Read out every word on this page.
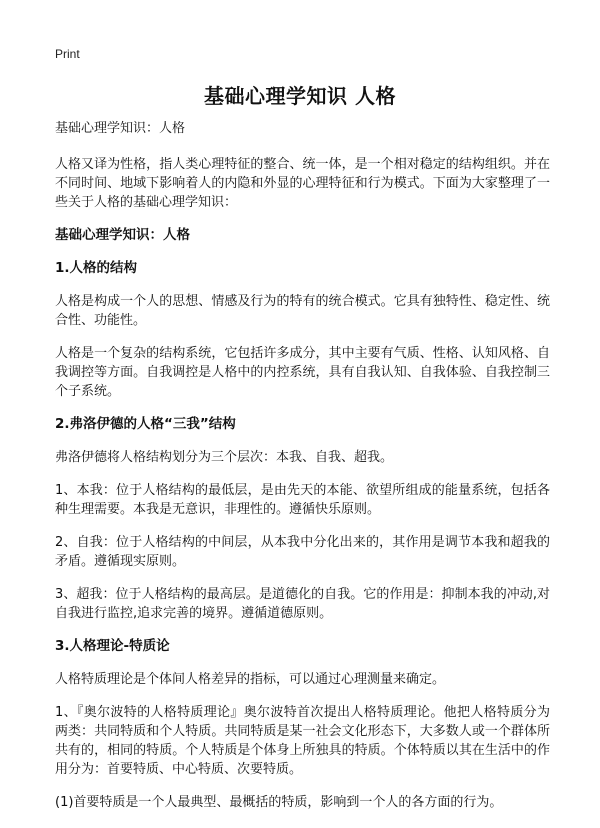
Print
基础心理学知识 人格

基础心理学知识：人格

人格又译为性格，指人类心理特征的整合、统一体，是一个相对稳定的结构组织。并在不同时间、地域下影响着人的内隐和外显的心理特征和行为模式。下面为大家整理了一些关于人格的基础心理学知识：

基础心理学知识：人格
1.人格的结构

人格是构成一个人的思想、情感及行为的特有的统合模式。它具有独特性、稳定性、统合性、功能性。

人格是一个复杂的结构系统，它包括许多成分，其中主要有气质、性格、认知风格、自我调控等方面。自我调控是人格中的内控系统，具有自我认知、自我体验、自我控制三个子系统。

2.弗洛伊德的人格“三我”结构

弗洛伊德将人格结构划分为三个层次：本我、自我、超我。

1、本我：位于人格结构的最低层，是由先天的本能、欲望所组成的能量系统，包括各种生理需要。本我是无意识，非理性的。遵循快乐原则。

2、自我：位于人格结构的中间层，从本我中分化出来的，其作用是调节本我和超我的矛盾。遵循现实原则。

3、超我：位于人格结构的最高层。是道德化的自我。它的作用是：抑制本我的冲动,对自我进行监控,追求完善的境界。遵循道德原则。

3.人格理论-特质论

人格特质理论是个体间人格差异的指标，可以通过心理测量来确定。

1、『奥尔波特的人格特质理论』奥尔波特首次提出人格特质理论。他把人格特质分为两类：共同特质和个人特质。共同特质是某一社会文化形态下，大多数人或一个群体所共有的，相同的特质。个人特质是个体身上所独具的特质。个体特质以其在生活中的作用分为：首要特质、中心特质、次要特质。

(1)首要特质是一个人最典型、最概括的特质，影响到一个人的各方面的行为。
